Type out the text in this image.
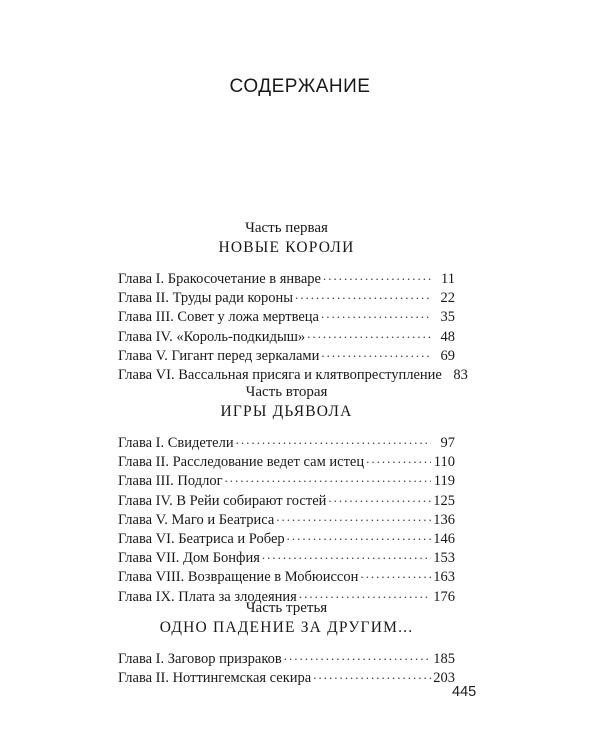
СОДЕРЖАНИЕ
Часть первая
НОВЫЕ КОРОЛИ
Глава I. Бракосочетание в январе .....	11
Глава II. Труды ради короны .....	22
Глава III. Совет у ложа мертвеца .....	35
Глава IV. «Король-подкидыш» .....	48
Глава V. Гигант перед зеркалами .....	69
Глава VI. Вассальная присяга и клятвопреступление 83
Часть вторая
ИГРЫ ДЬЯВОЛА
Глава I. Свидетели .....	97
Глава II. Расследование ведет сам истец .....	110
Глава III. Подлог .....	119
Глава IV. В Рейи собирают гостей .....	125
Глава V. Маго и Беатриса .....	136
Глава VI. Беатриса и Робер .....	146
Глава VII. Дом Бонфия .....	153
Глава VIII. Возвращение в Мобюиссон .....	163
Глава IX. Плата за злодеяния .....	176
Часть третья
ОДНО ПАДЕНИЕ ЗА ДРУГИМ...
Глава I. Заговор призраков .....	185
Глава II. Ноттингемская секира .....	203
445
